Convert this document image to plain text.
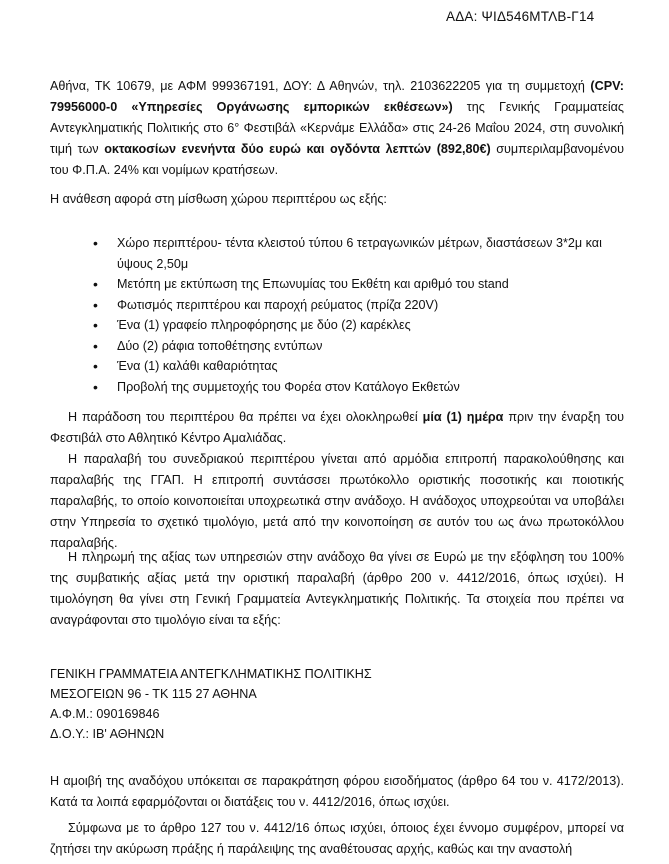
ΑΔΑ: ΨΙΔ546ΜΤΛΒ-Γ14

Αθήνα, ΤΚ 10679, με ΑΦΜ 999367191, ΔΟΥ: Δ Αθηνών, τηλ. 2103622205 για τη συμμετοχή (CPV: 79956000-0 «Υπηρεσίες Οργάνωσης εμπορικών εκθέσεων») της Γενικής Γραμματείας Αντεγκληματικής Πολιτικής στο 6° Φεστιβάλ «Κερνάμε Ελλάδα» στις 24-26 Μαΐου 2024, στη συνολική τιμή των οκτακοσίων ενενήντα δύο ευρώ και ογδόντα λεπτών (892,80€) συμπεριλαμβανομένου του Φ.Π.Α. 24% και νομίμων κρατήσεων.

Η ανάθεση αφορά στη μίσθωση χώρου περιπτέρου ως εξής:
• Χώρο περιπτέρου- τέντα κλειστού τύπου 6 τετραγωνικών μέτρων, διαστάσεων 3*2μ και ύψους 2,50μ
• Μετόπη με εκτύπωση της Επωνυμίας του Εκθέτη και αριθμό του stand
• Φωτισμός περιπτέρου και παροχή ρεύματος (πρίζα 220V)
• Ένα (1) γραφείο πληροφόρησης με δύο (2) καρέκλες
• Δύο (2) ράφια τοποθέτησης εντύπων
• Ένα (1) καλάθι καθαριότητας
• Προβολή της συμμετοχής του Φορέα στον Κατάλογο Εκθετών

Η παράδοση του περιπτέρου θα πρέπει να έχει ολοκληρωθεί μία (1) ημέρα πριν την έναρξη του Φεστιβάλ στο Αθλητικό Κέντρο Αμαλιάδας.

Η παραλαβή του συνεδριακού περιπτέρου γίνεται από αρμόδια επιτροπή παρακολούθησης και παραλαβής της ΓΓΑΠ. Η επιτροπή συντάσσει πρωτόκολλο οριστικής ποσοτικής και ποιοτικής παραλαβής, το οποίο κοινοποιείται υποχρεωτικά στην ανάδοχο. Η ανάδοχος υποχρεούται να υποβάλει στην Υπηρεσία το σχετικό τιμολόγιο, μετά από την κοινοποίηση σε αυτόν του ως άνω πρωτοκόλλου παραλαβής.

Η πληρωμή της αξίας των υπηρεσιών στην ανάδοχο θα γίνει σε Ευρώ με την εξόφληση του 100% της συμβατικής αξίας μετά την οριστική παραλαβή (άρθρο 200 ν. 4412/2016, όπως ισχύει). Η τιμολόγηση θα γίνει στη Γενική Γραμματεία Αντεγκληματικής Πολιτικής. Τα στοιχεία που πρέπει να αναγράφονται στο τιμολόγιο είναι τα εξής:

ΓΕΝΙΚΗ ΓΡΑΜΜΑΤΕΙΑ ΑΝΤΕΓΚΛΗΜΑΤΙΚΗΣ ΠΟΛΙΤΙΚΗΣ
ΜΕΣΟΓΕΙΩΝ 96 - ΤΚ 115 27 ΑΘΗΝΑ
Α.Φ.Μ.: 090169846
Δ.Ο.Υ.: ΙΒ' ΑΘΗΝΩΝ

Η αμοιβή της αναδόχου υπόκειται σε παρακράτηση φόρου εισοδήματος (άρθρο 64 του ν. 4172/2013). Κατά τα λοιπά εφαρμόζονται οι διατάξεις του ν. 4412/2016, όπως ισχύει.

Σύμφωνα με το άρθρο 127 του ν. 4412/16 όπως ισχύει, όποιος έχει έννομο συμφέρον, μπορεί να ζητήσει την ακύρωση πράξης ή παράλειψης της αναθέτουσας αρχής, καθώς και την αναστολή
